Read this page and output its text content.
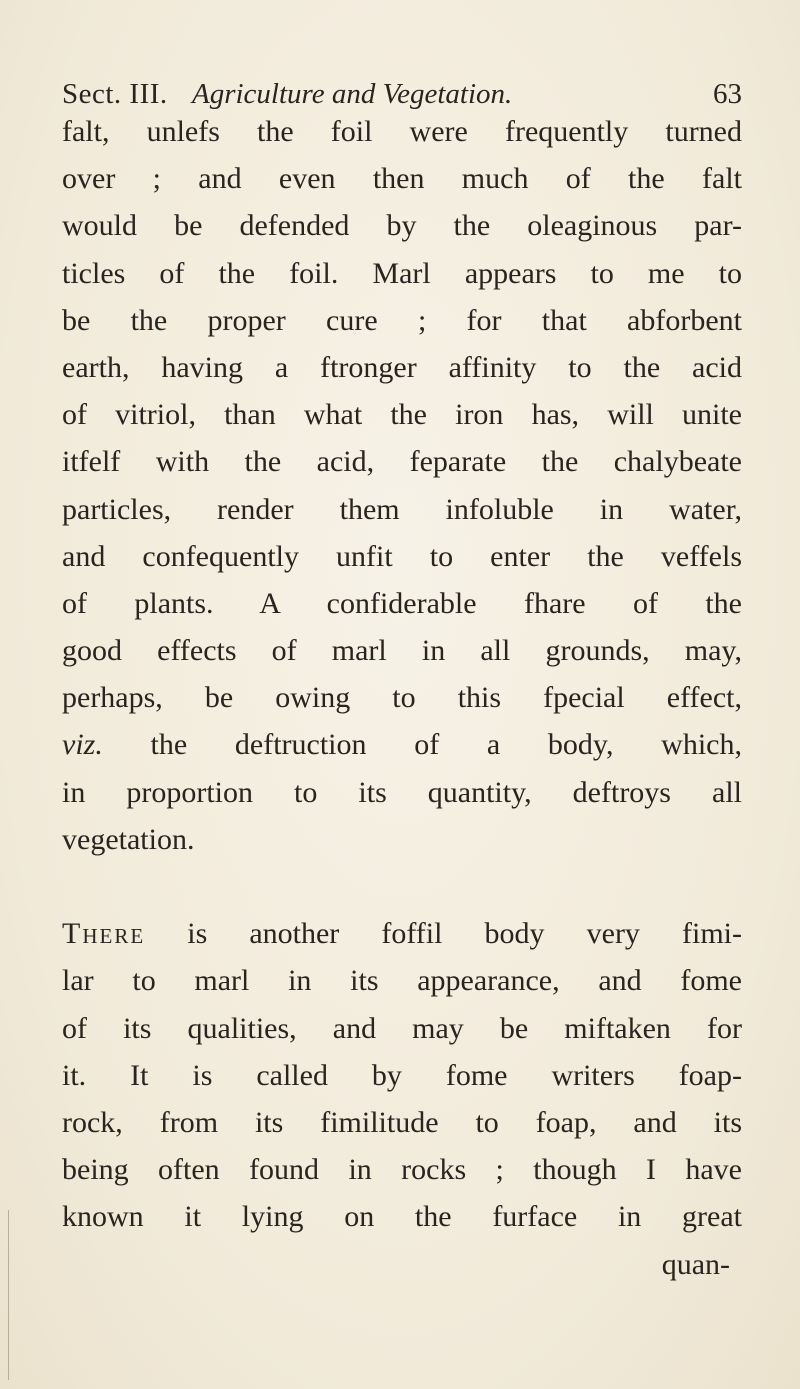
Sect. III. Agriculture and Vegetation.	63
falt, unlefs the foil were frequently turned
over ; and even then much of the falt
would be defended by the oleaginous par-
ticles of the foil. Marl appears to me to
be the proper cure ; for that abforbent
earth, having a ftronger affinity to the acid
of vitriol, than what the iron has, will unite
itfelf with the acid, feparate the chalybeate
particles, render them infoluble in water,
and confequently unfit to enter the veffels
of plants. A confiderable fhare of the
good effects of marl in all grounds, may,
perhaps, be owing to this fpecial effect,
viz. the deftruction of a body, which,
in proportion to its quantity, deftroys all
vegetation.
There is another foffil body very fimi-
lar to marl in its appearance, and fome
of its qualities, and may be miftaken for
it. It is called by fome writers foap-
rock, from its fimilitude to foap, and its
being often found in rocks ; though I have
known it lying on the furface in great
quan-
